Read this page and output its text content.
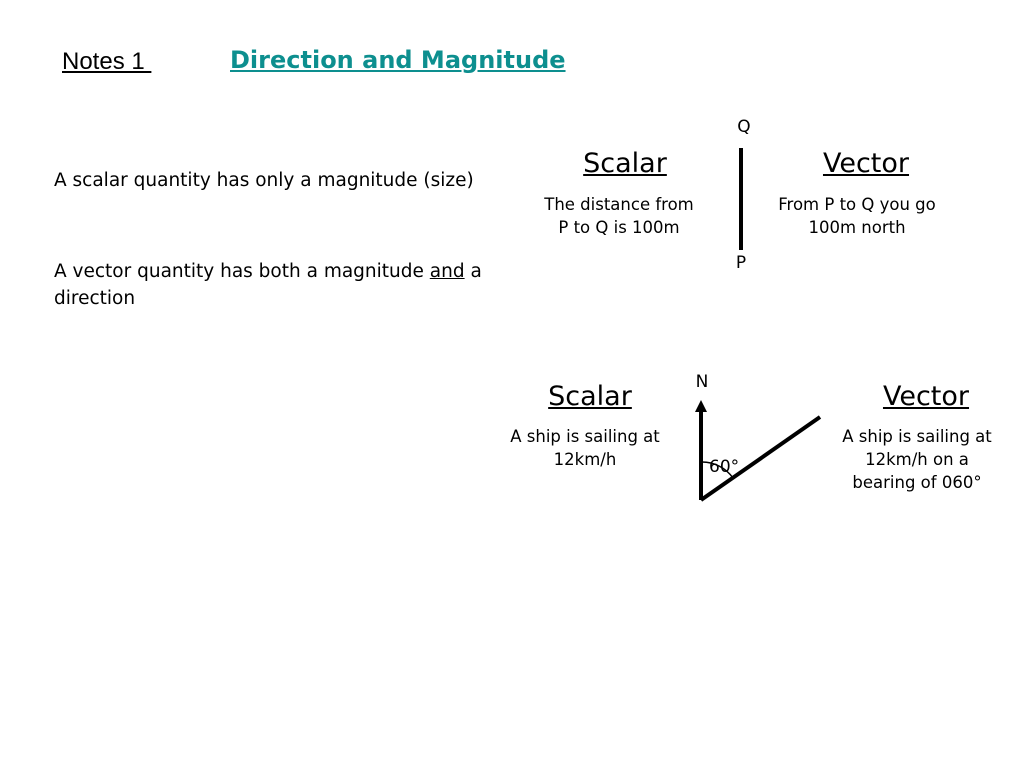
Notes 1	Direction and Magnitude
A scalar quantity has only a magnitude (size)
A vector quantity has both a magnitude and a direction
Q
P
Scalar
The distance from P to Q is 100m
Vector
From P to Q you go 100m north
N
60°
Scalar
A ship is sailing at 12km/h
Vector
A ship is sailing at 12km/h on a bearing of 060°
